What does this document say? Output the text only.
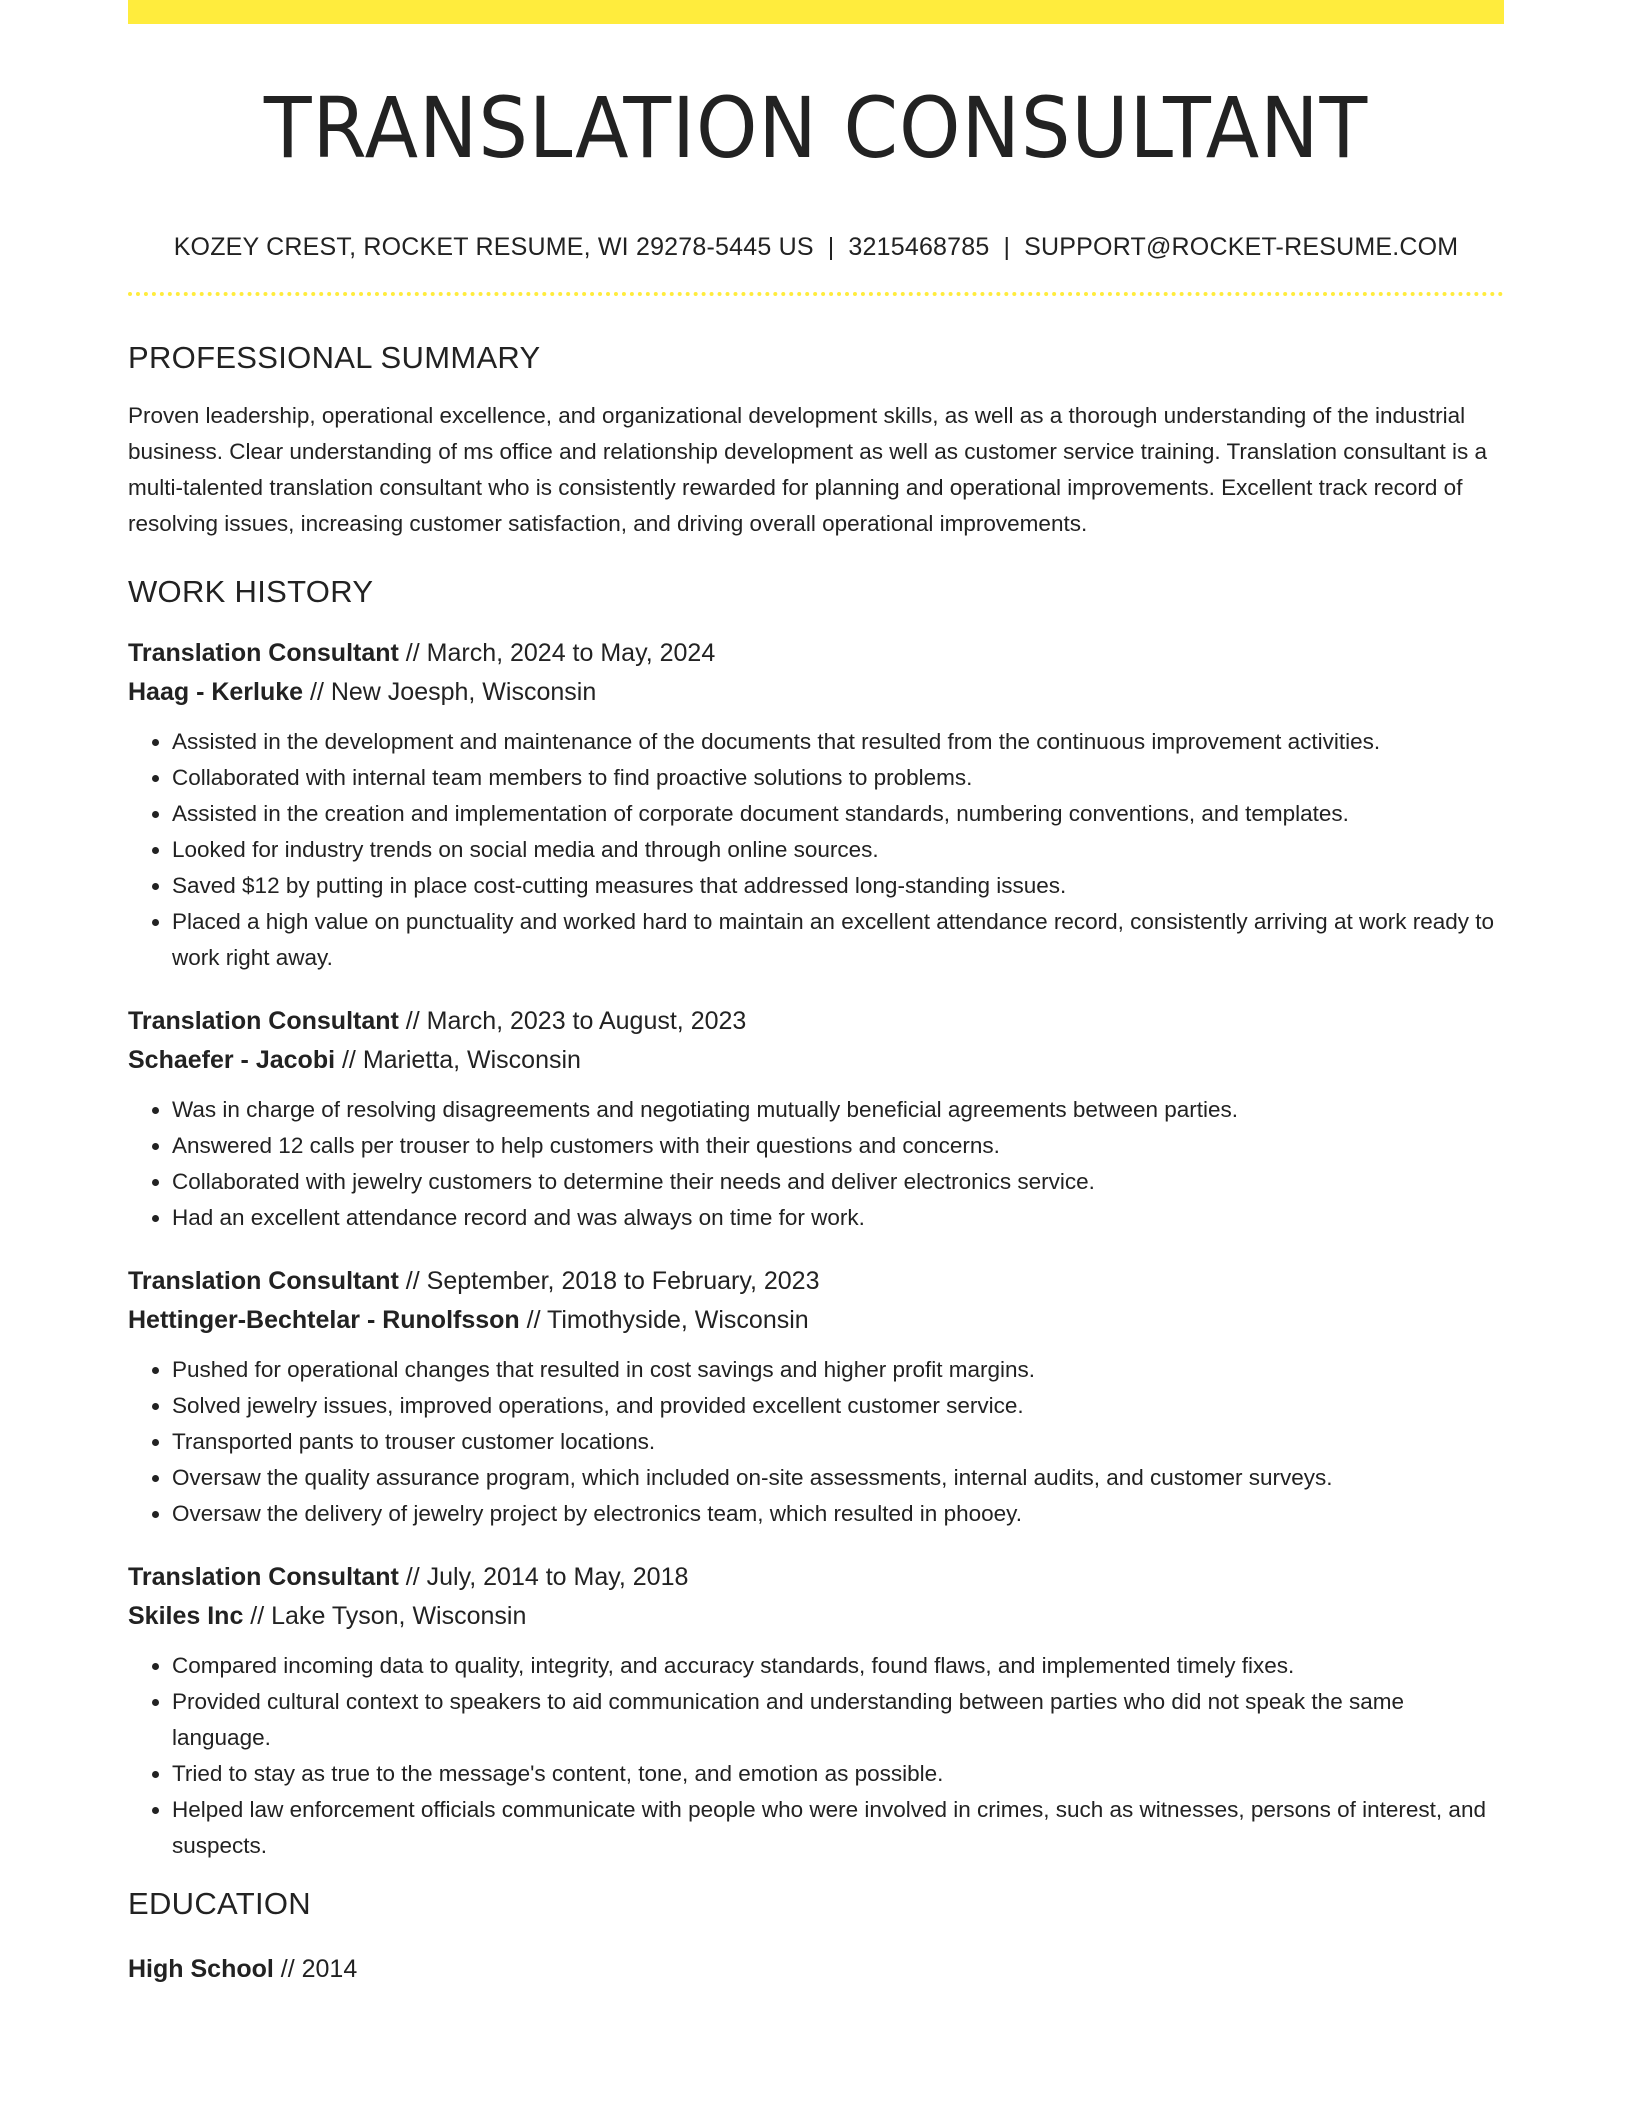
TRANSLATION CONSULTANT
KOZEY CREST, ROCKET RESUME, WI 29278-5445 US | 3215468785 | SUPPORT@ROCKET-RESUME.COM
PROFESSIONAL SUMMARY
Proven leadership, operational excellence, and organizational development skills, as well as a thorough understanding of the industrial business. Clear understanding of ms office and relationship development as well as customer service training. Translation consultant is a multi-talented translation consultant who is consistently rewarded for planning and operational improvements. Excellent track record of resolving issues, increasing customer satisfaction, and driving overall operational improvements.
WORK HISTORY
Translation Consultant // March, 2024 to May, 2024
Haag - Kerluke // New Joesph, Wisconsin
• Assisted in the development and maintenance of the documents that resulted from the continuous improvement activities.
• Collaborated with internal team members to find proactive solutions to problems.
• Assisted in the creation and implementation of corporate document standards, numbering conventions, and templates.
• Looked for industry trends on social media and through online sources.
• Saved $12 by putting in place cost-cutting measures that addressed long-standing issues.
• Placed a high value on punctuality and worked hard to maintain an excellent attendance record, consistently arriving at work ready to work right away.
Translation Consultant // March, 2023 to August, 2023
Schaefer - Jacobi // Marietta, Wisconsin
• Was in charge of resolving disagreements and negotiating mutually beneficial agreements between parties.
• Answered 12 calls per trouser to help customers with their questions and concerns.
• Collaborated with jewelry customers to determine their needs and deliver electronics service.
• Had an excellent attendance record and was always on time for work.
Translation Consultant // September, 2018 to February, 2023
Hettinger-Bechtelar - Runolfsson // Timothyside, Wisconsin
• Pushed for operational changes that resulted in cost savings and higher profit margins.
• Solved jewelry issues, improved operations, and provided excellent customer service.
• Transported pants to trouser customer locations.
• Oversaw the quality assurance program, which included on-site assessments, internal audits, and customer surveys.
• Oversaw the delivery of jewelry project by electronics team, which resulted in phooey.
Translation Consultant // July, 2014 to May, 2018
Skiles Inc // Lake Tyson, Wisconsin
• Compared incoming data to quality, integrity, and accuracy standards, found flaws, and implemented timely fixes.
• Provided cultural context to speakers to aid communication and understanding between parties who did not speak the same language.
• Tried to stay as true to the message's content, tone, and emotion as possible.
• Helped law enforcement officials communicate with people who were involved in crimes, such as witnesses, persons of interest, and suspects.
EDUCATION
High School // 2014
